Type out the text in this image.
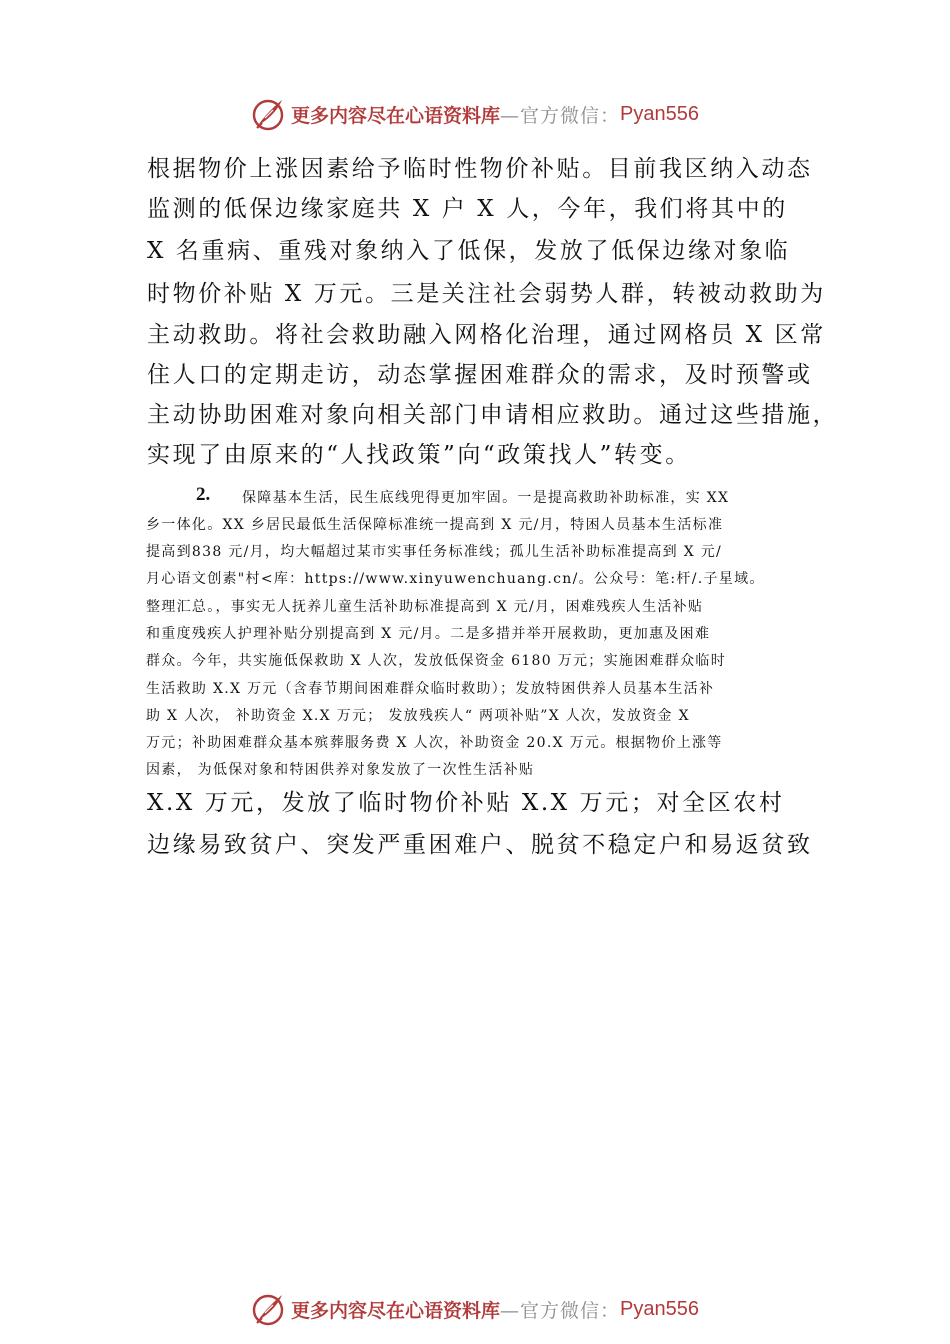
更多内容尽在心语资料库 —官方微信： Pyan556

根据物价上涨因素给予临时性物价补贴。目前我区纳入动态

监测的低保边缘家庭共 X 户 X 人，今年，我们将其中的

X 名重病、重残对象纳入了低保，发放了低保边缘对象临

时物价补贴 X 万元。三是关注社会弱势人群，转被动救助为

主动救助。将社会救助融入网格化治理，通过网格员 X 区常

住人口的定期走访，动态掌握困难群众的需求，及时预警或

主动协助困难对象向相关部门申请相应救助。通过这些措施，

实现了由原来的“人找政策”向“政策找人”转变。

2. 保障基本生活，民生底线兜得更加牢固。一是提高救助补助标准，实 XX

乡一体化。XX 乡居民最低生活保障标准统一提高到 X 元/月，特困人员基本生活标准

提高到838 元/月，均大幅超过某市实事任务标准线；孤儿生活补助标准提高到 X 元/

月心语文创素"村<库：https://www.xinyuwenchuang.cn/。公众号：笔:杆/.子星域。

整理汇总。，事实无人抚养儿童生活补助标准提高到 X 元/月，困难残疾人生活补贴

和重度残疾人护理补贴分别提高到 X 元/月。二是多措并举开展救助，更加惠及困难

群众。今年，共实施低保救助 X 人次，发放低保资金 6180 万元；实施困难群众临时

生活救助 X.X 万元（含春节期间困难群众临时救助）；发放特困供养人员基本生活补

助 X 人次， 补助资金 X.X 万元； 发放残疾人“ 两项补贴”X 人次，发放资金 X

万元；补助困难群众基本殡葬服务费 X 人次，补助资金 20.X 万元。根据物价上涨等

因素， 为低保对象和特困供养对象发放了一次性生活补贴

X.X 万元，发放了临时物价补贴 X.X 万元；对全区农村

边缘易致贫户、突发严重困难户、脱贫不稳定户和易返贫致

更多内容尽在心语资料库 —官方微信： Pyan556
